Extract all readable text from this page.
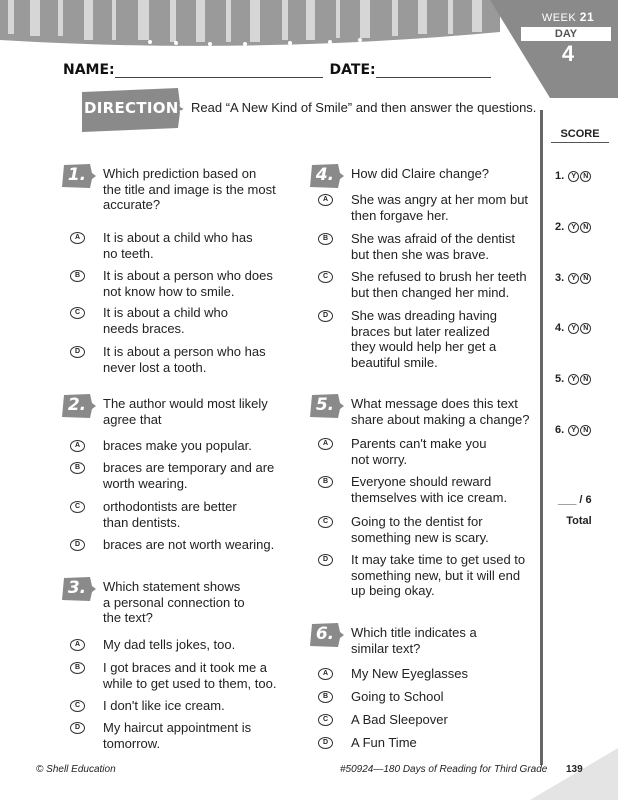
WEEK 21
DAY
4
NAME:	DATE:
DIRECTIONS Read “A New Kind of Smile” and then answer the questions.
SCORE
1. Y N
2. Y N
3. Y N
4. Y N
5. Y N
6. Y N
___ / 6
Total
1.	Which prediction based on
the title and image is the most
accurate?
A	It is about a child who has
no teeth.
B	It is about a person who does
not know how to smile.
C	It is about a child who
needs braces.
D	It is about a person who has
never lost a tooth.
2.	The author would most likely
agree that
A	braces make you popular.
B	braces are temporary and are
worth wearing.
C	orthodontists are better
than dentists.
D	braces are not worth wearing.
3.	Which statement shows
a personal connection to
the text?
A	My dad tells jokes, too.
B	I got braces and it took me a
while to get used to them, too.
C	I don't like ice cream.
D	My haircut appointment is
tomorrow.
4.	How did Claire change?
A	She was angry at her mom but
then forgave her.
B	She was afraid of the dentist
but then she was brave.
C	She refused to brush her teeth
but then changed her mind.
D	She was dreading having
braces but later realized
they would help her get a
beautiful smile.
5.	What message does this text
share about making a change?
A	Parents can't make you
not worry.
B	Everyone should reward
themselves with ice cream.
C	Going to the dentist for
something new is scary.
D	It may take time to get used to
something new, but it will end
up being okay.
6.	Which title indicates a
similar text?
A	My New Eyeglasses
B	Going to School
C	A Bad Sleepover
D	A Fun Time
© Shell Education	#50924—180 Days of Reading for Third Grade 139
